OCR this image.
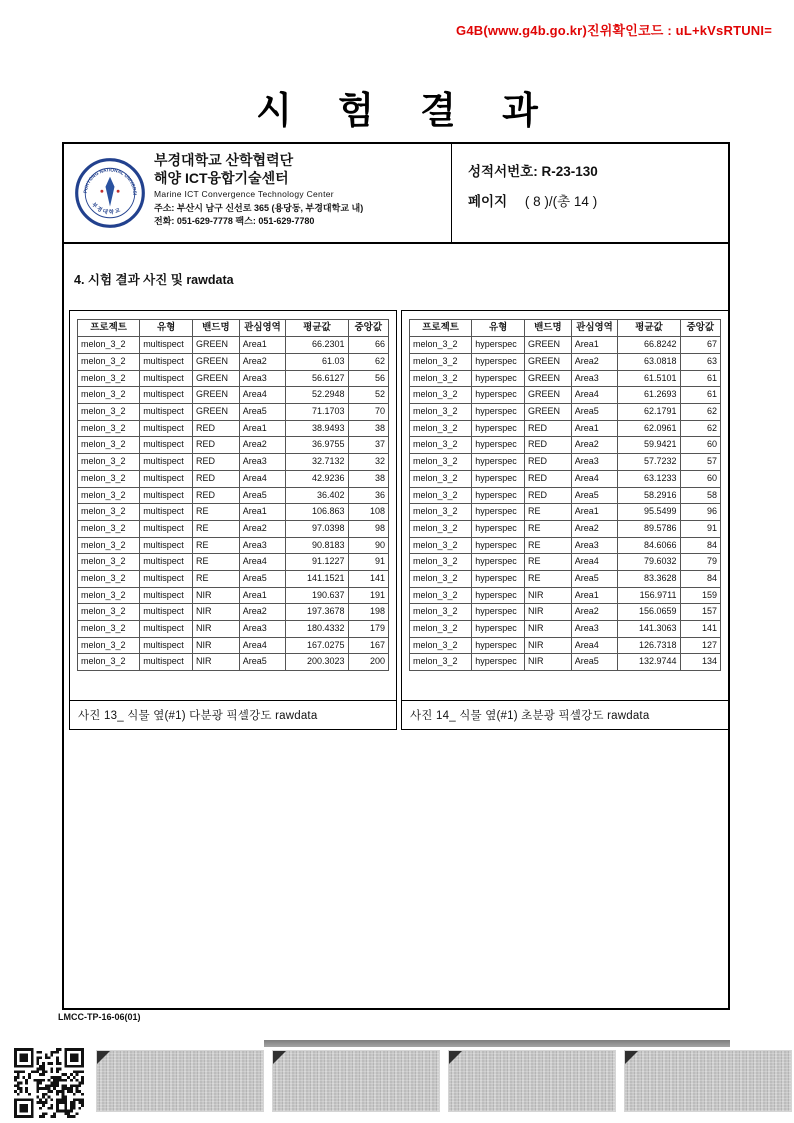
G4B(www.g4b.go.kr)진위확인코드 : uL+kVsRTUNI=
시 험 결 과
PUKYONG NATIONAL UNIVERSI
부 경 대 학 교
부경대학교 산학협력단
해양 ICT융합기술센터
Marine ICT Convergence Technology Center
주소: 부산시 남구 신선로 365 (용당동, 부경대학교 내)
전화: 051-629-7778 팩스: 051-629-7780
성적서번호: R-23-130
페이지 ( 8 )/(총 14 )
4. 시험 결과 사진 및 rawdata
프로젝트	유형	밴드명	관심영역	평균값	중앙값
melon_3_2	multispect	GREEN	Area1	66.2301	66
melon_3_2	multispect	GREEN	Area2	61.03	62
melon_3_2	multispect	GREEN	Area3	56.6127	56
melon_3_2	multispect	GREEN	Area4	52.2948	52
melon_3_2	multispect	GREEN	Area5	71.1703	70
melon_3_2	multispect	RED	Area1	38.9493	38
melon_3_2	multispect	RED	Area2	36.9755	37
melon_3_2	multispect	RED	Area3	32.7132	32
melon_3_2	multispect	RED	Area4	42.9236	38
melon_3_2	multispect	RED	Area5	36.402	36
melon_3_2	multispect	RE	Area1	106.863	108
melon_3_2	multispect	RE	Area2	97.0398	98
melon_3_2	multispect	RE	Area3	90.8183	90
melon_3_2	multispect	RE	Area4	91.1227	91
melon_3_2	multispect	RE	Area5	141.1521	141
melon_3_2	multispect	NIR	Area1	190.637	191
melon_3_2	multispect	NIR	Area2	197.3678	198
melon_3_2	multispect	NIR	Area3	180.4332	179
melon_3_2	multispect	NIR	Area4	167.0275	167
melon_3_2	multispect	NIR	Area5	200.3023	200
사진 13_ 식물 옆(#1) 다분광 픽셀강도 rawdata
프로젝트	유형	밴드명	관심영역	평균값	중앙값
melon_3_2	hyperspec	GREEN	Area1	66.8242	67
melon_3_2	hyperspec	GREEN	Area2	63.0818	63
melon_3_2	hyperspec	GREEN	Area3	61.5101	61
melon_3_2	hyperspec	GREEN	Area4	61.2693	61
melon_3_2	hyperspec	GREEN	Area5	62.1791	62
melon_3_2	hyperspec	RED	Area1	62.0961	62
melon_3_2	hyperspec	RED	Area2	59.9421	60
melon_3_2	hyperspec	RED	Area3	57.7232	57
melon_3_2	hyperspec	RED	Area4	63.1233	60
melon_3_2	hyperspec	RED	Area5	58.2916	58
melon_3_2	hyperspec	RE	Area1	95.5499	96
melon_3_2	hyperspec	RE	Area2	89.5786	91
melon_3_2	hyperspec	RE	Area3	84.6066	84
melon_3_2	hyperspec	RE	Area4	79.6032	79
melon_3_2	hyperspec	RE	Area5	83.3628	84
melon_3_2	hyperspec	NIR	Area1	156.9711	159
melon_3_2	hyperspec	NIR	Area2	156.0659	157
melon_3_2	hyperspec	NIR	Area3	141.3063	141
melon_3_2	hyperspec	NIR	Area4	126.7318	127
melon_3_2	hyperspec	NIR	Area5	132.9744	134
사진 14_ 식물 옆(#1) 초분광 픽셀강도 rawdata
LMCC-TP-16-06(01)
